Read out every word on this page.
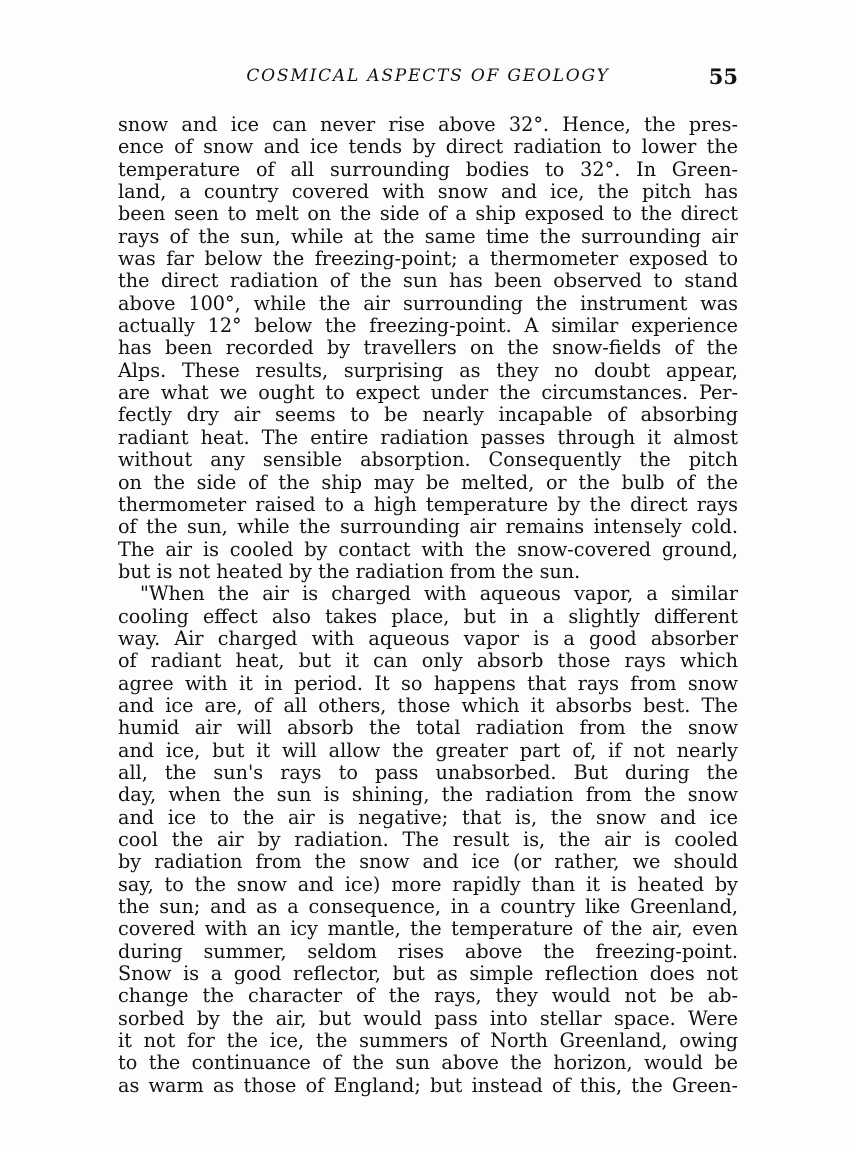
COSMICAL ASPECTS OF GEOLOGY	55
snow and ice can never rise above 32°. Hence, the pres-
ence of snow and ice tends by direct radiation to lower the
temperature of all surrounding bodies to 32°. In Green-
land, a country covered with snow and ice, the pitch has
been seen to melt on the side of a ship exposed to the direct
rays of the sun, while at the same time the surrounding air
was far below the freezing-point; a thermometer exposed to
the direct radiation of the sun has been observed to stand
above 100°, while the air surrounding the instrument was
actually 12° below the freezing-point. A similar experience
has been recorded by travellers on the snow-fields of the
Alps. These results, surprising as they no doubt appear,
are what we ought to expect under the circumstances. Per-
fectly dry air seems to be nearly incapable of absorbing
radiant heat. The entire radiation passes through it almost
without any sensible absorption. Consequently the pitch
on the side of the ship may be melted, or the bulb of the
thermometer raised to a high temperature by the direct rays
of the sun, while the surrounding air remains intensely cold.
The air is cooled by contact with the snow-covered ground,
but is not heated by the radiation from the sun.
"When the air is charged with aqueous vapor, a similar
cooling effect also takes place, but in a slightly different
way. Air charged with aqueous vapor is a good absorber
of radiant heat, but it can only absorb those rays which
agree with it in period. It so happens that rays from snow
and ice are, of all others, those which it absorbs best. The
humid air will absorb the total radiation from the snow
and ice, but it will allow the greater part of, if not nearly
all, the sun's rays to pass unabsorbed. But during the
day, when the sun is shining, the radiation from the snow
and ice to the air is negative; that is, the snow and ice
cool the air by radiation. The result is, the air is cooled
by radiation from the snow and ice (or rather, we should
say, to the snow and ice) more rapidly than it is heated by
the sun; and as a consequence, in a country like Greenland,
covered with an icy mantle, the temperature of the air, even
during summer, seldom rises above the freezing-point.
Snow is a good reflector, but as simple reflection does not
change the character of the rays, they would not be ab-
sorbed by the air, but would pass into stellar space. Were
it not for the ice, the summers of North Greenland, owing
to the continuance of the sun above the horizon, would be
as warm as those of England; but instead of this, the Green-
